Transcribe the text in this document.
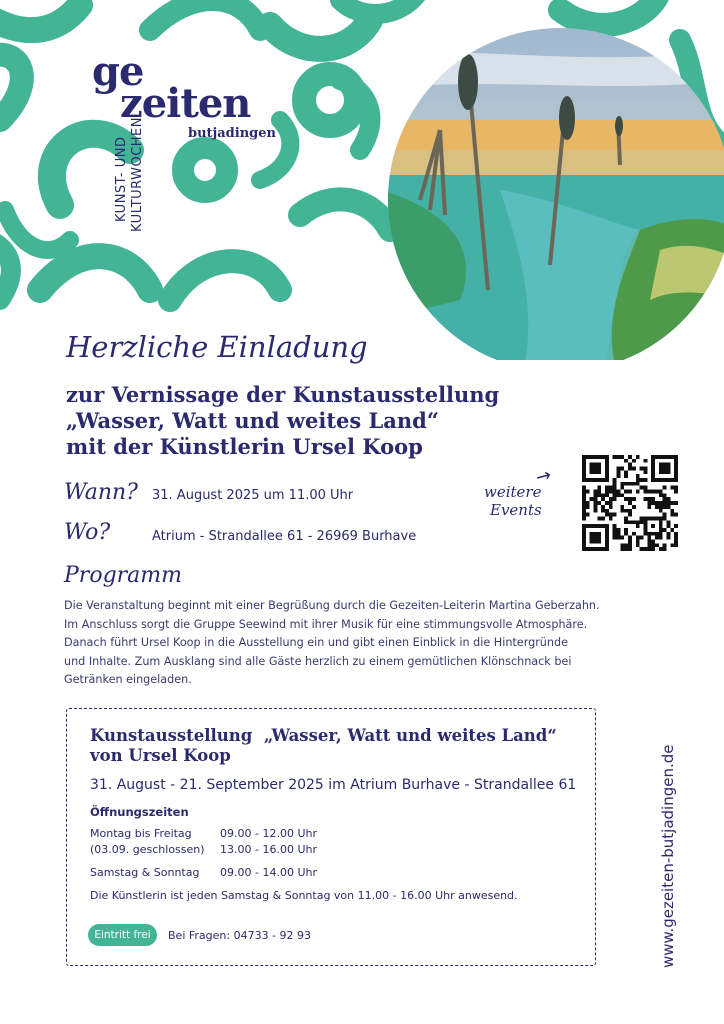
ge
zeiten
butjadingen
KUNST- UND KULTURWOCHEN
Herzliche Einladung
zur Vernissage der Kunstausstellung
„Wasser, Watt und weites Land“
mit der Künstlerin Ursel Koop
Wann? 31. August 2025 um 11.00 Uhr
Wo?	Atrium - Strandallee 61 - 26969 Burhave
weitere
Events
→
Programm
Die Veranstaltung beginnt mit einer Begrüßung durch die Gezeiten-Leiterin Martina Geberzahn.
Im Anschluss sorgt die Gruppe Seewind mit ihrer Musik für eine stimmungsvolle Atmosphäre.
Danach führt Ursel Koop in die Ausstellung ein und gibt einen Einblick in die Hintergründe
und Inhalte. Zum Ausklang sind alle Gäste herzlich zu einem gemütlichen Klönschnack bei
Getränken eingeladen.
Kunstausstellung  „Wasser, Watt und weites Land“
von Ursel Koop
31. August - 21. September 2025 im Atrium Burhave - Strandallee 61
Öffnungszeiten
Montag bis Freitag	09.00 - 12.00 Uhr
(03.09. geschlossen) 13.00 - 16.00 Uhr
Samstag & Sonntag 09.00 - 14.00 Uhr
Die Künstlerin ist jeden Samstag & Sonntag von 11.00 - 16.00 Uhr anwesend.
Eintritt frei	Bei Fragen: 04733 - 92 93	www.gezeiten-butjadingen.de
